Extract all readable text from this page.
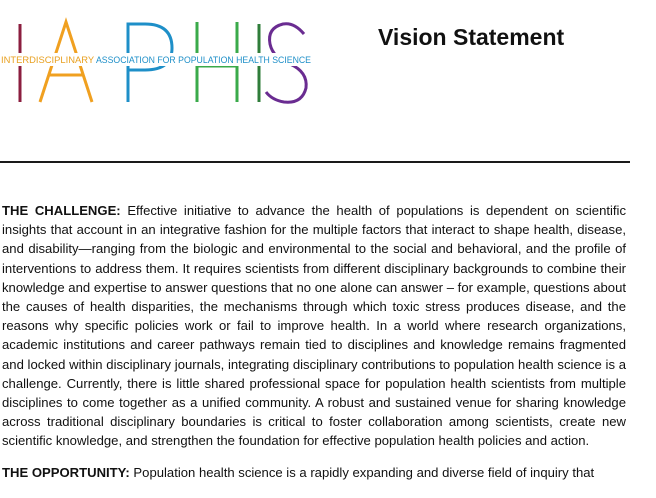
INTERDISCIPLINARY ASSOCIATION FOR POPULATION HEALTH SCIENCE
Vision Statement

THE CHALLENGE: Effective initiative to advance the health of populations is dependent on scientific insights that account in an integrative fashion for the multiple factors that interact to shape health, disease, and disability—ranging from the biologic and environmental to the social and behavioral, and the profile of interventions to address them. It requires scientists from different disciplinary backgrounds to combine their knowledge and expertise to answer questions that no one alone can answer – for example, questions about the causes of health disparities, the mechanisms through which toxic stress produces disease, and the reasons why specific policies work or fail to improve health. In a world where research organizations, academic institutions and career pathways remain tied to disciplines and knowledge remains fragmented and locked within disciplinary journals, integrating disciplinary contributions to population health science is a challenge. Currently, there is little shared professional space for population health scientists from multiple disciplines to come together as a unified community. A robust and sustained venue for sharing knowledge across traditional disciplinary boundaries is critical to foster collaboration among scientists, create new scientific knowledge, and strengthen the foundation for effective population health policies and action.

THE OPPORTUNITY: Population health science is a rapidly expanding and diverse field of inquiry that
